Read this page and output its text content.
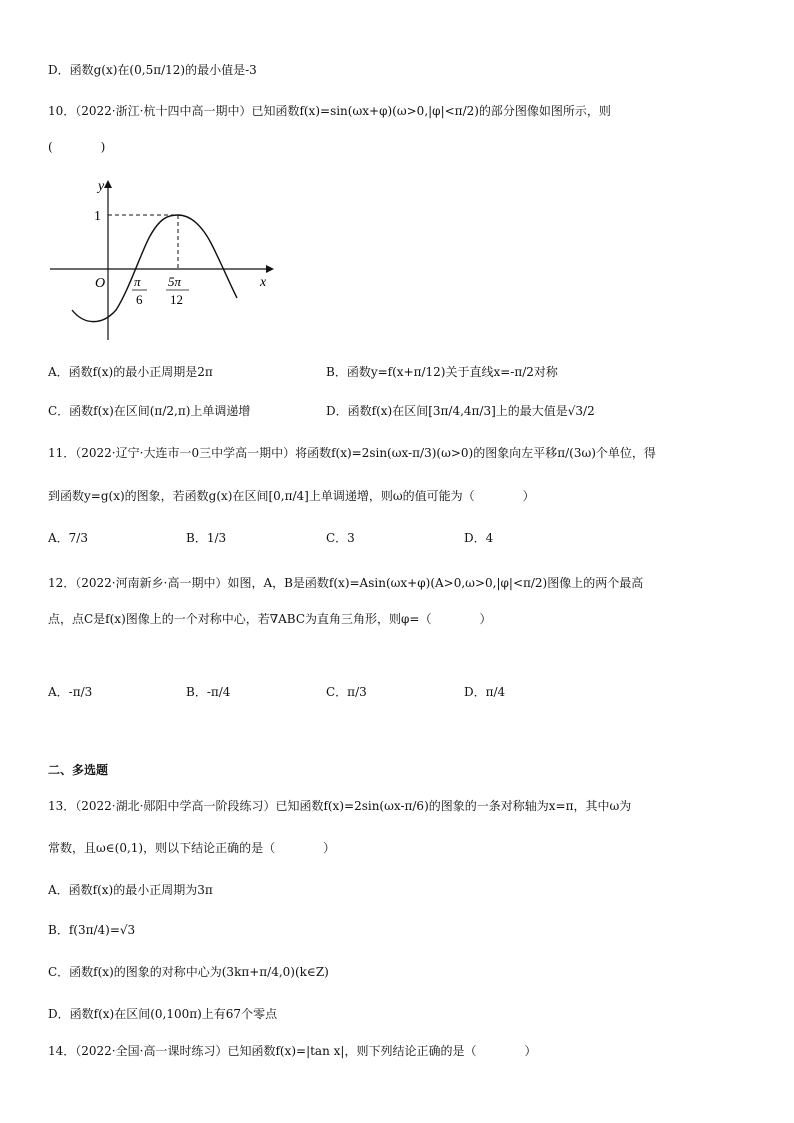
D．函数g(x)在(0,5π/12)的最小值是-3
10．（2022·浙江·杭十四中高一期中）已知函数f(x)=sin(ωx+φ)(ω>0,|φ|<π/2)的部分图像如图所示，则
(　　　　)
y
x
O
1
π
6
5π
12
A．函数f(x)的最小正周期是2π	B．函数y=f(x+π/12)关于直线x=-π/2对称
C．函数f(x)在区间(π/2,π)上单调递增	D．函数f(x)在区间[3π/4,4π/3]上的最大值是√3/2
11．（2022·辽宁·大连市一0三中学高一期中）将函数f(x)=2sin(ωx-π/3)(ω>0)的图象向左平移π/(3ω)个单位，得
到函数y=g(x)的图象，若函数g(x)在区间[0,π/4]上单调递增，则ω的值可能为（　　　　）
A．7/3	B．1/3	C．3	D．4
12．（2022·河南新乡·高一期中）如图，A，B是函数f(x)=Asin(ωx+φ)(A>0,ω>0,|φ|<π/2)图像上的两个最高
点，点C是f(x)图像上的一个对称中心，若∇ABC为直角三角形，则φ=（　　　　）
A．-π/3	B．-π/4	C．π/3	D．π/4
二、多选题
13．（2022·湖北·郧阳中学高一阶段练习）已知函数f(x)=2sin(ωx-π/6)的图象的一条对称轴为x=π，其中ω为
常数，且ω∈(0,1)，则以下结论正确的是（　　　　）
A．函数f(x)的最小正周期为3π
B．f(3π/4)=√3
C．函数f(x)的图象的对称中心为(3kπ+π/4,0)(k∈Z)
D．函数f(x)在区间(0,100π)上有67个零点
14．（2022·全国·高一课时练习）已知函数f(x)=|tan x|，则下列结论正确的是（　　　　）
